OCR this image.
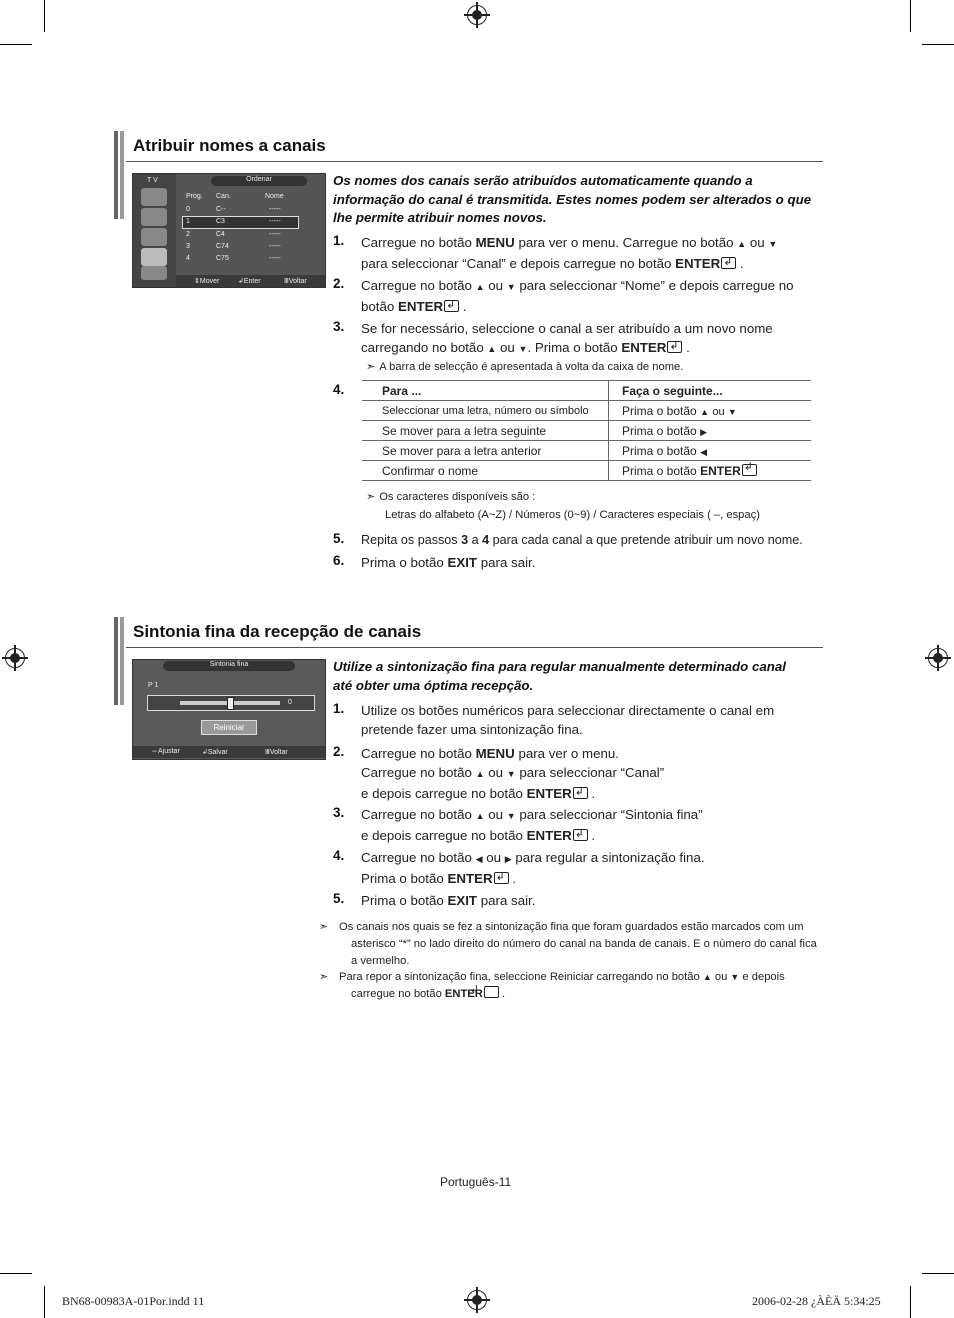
Atribuir nomes a canais
T V	Ordenar
Prog. Can.	Nome
0	C--	-----
1	C3	-----
2	C4	-----
3	C74	-----
4	C75	-----
⇕Mover	↲Enter	ⅢVoltar
Os nomes dos canais serão atribuídos automaticamente quando a informação do canal é transmitida. Estes nomes podem ser alterados o que lhe permite atribuir nomes novos.
1. Carregue no botão MENU para ver o menu. Carregue no botão ▲ ou ▼
para seleccionar “Canal” e depois carregue no botão ENTER↲ .
2. Carregue no botão ▲ ou ▼ para seleccionar “Nome” e depois carregue no botão ENTER↲ .
3. Se for necessário, seleccione o canal a ser atribuído a um novo nome carregando no botão ▲ ou ▼. Prima o botão ENTER↲ .
➣ A barra de selecção é apresentada à volta da caixa de nome.
4.	Para ...	Faça o seguinte...
Seleccionar uma letra, número ou símbolo	Prima o botão ▲ ou ▼
Se mover para a letra seguinte	Prima o botão ▶
Se mover para a letra anterior	Prima o botão ◀
Confirmar o nome	Prima o botão ENTER↲
➣ Os caracteres disponíveis são :
Letras do alfabeto (A~Z) / Números (0~9) / Caracteres especiais ( –, espaç)
5. Repita os passos 3 a 4 para cada canal a que pretende atribuir um novo nome.
6. Prima o botão EXIT para sair.
Sintonia fina da recepção de canais
Sintonia fina
P 1
0
Reiniciar
⇔Ajustar	↲Salvar	ⅢVoltar
Utilize a sintonização fina para regular manualmente determinado canal até obter uma óptima recepção.
1. Utilize os botões numéricos para seleccionar directamente o canal em pretende fazer uma sintonização fina.
2. Carregue no botão MENU para ver o menu.
Carregue no botão ▲ ou ▼ para seleccionar “Canal”
e depois carregue no botão ENTER↲ .
3. Carregue no botão ▲ ou ▼ para seleccionar “Sintonia fina”
e depois carregue no botão ENTER↲ .
4. Carregue no botão ◀ ou ▶ para regular a sintonização fina.
Prima o botão ENTER↲ .
5. Prima o botão EXIT para sair.
➣ Os canais nos quais se fez a sintonização fina que foram guardados estão marcados com um asterisco “*” no lado direito do número do canal na banda de canais. E o número do canal fica a vermelho.
➣ Para repor a sintonização fina, seleccione Reiniciar carregando no botão ▲ ou ▼ e depois carregue no botão ENTER↲ .
Português-11
BN68-00983A-01Por.indd 11	2006-02-28 ¿ÀÈÄ 5:34:25
